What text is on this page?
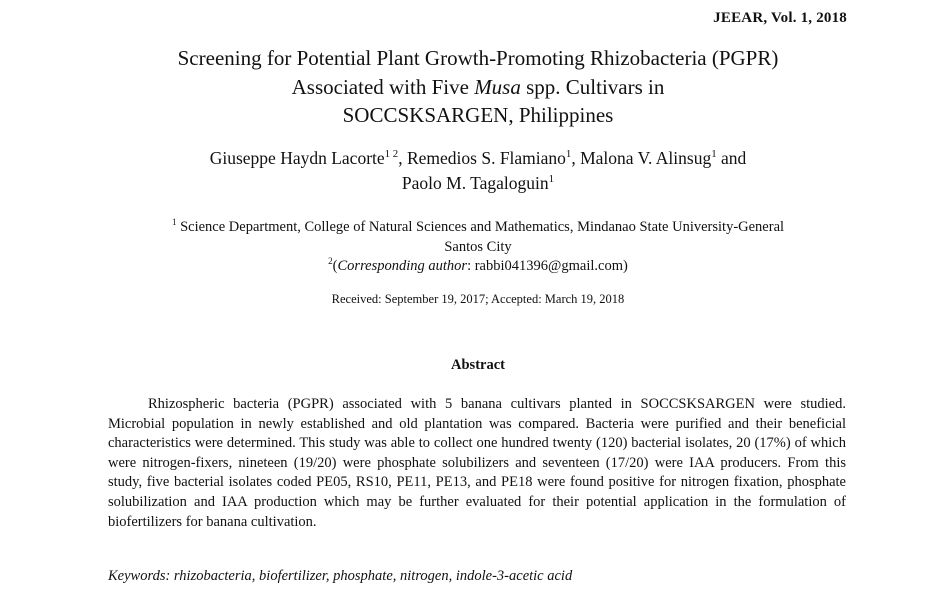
JEEAR, Vol. 1, 2018
Screening for Potential Plant Growth-Promoting Rhizobacteria (PGPR)
Associated with Five Musa spp. Cultivars in
SOCCSKSARGEN, Philippines
Giuseppe Haydn Lacorte$^{1 2}$, Remedios S. Flamiano$^1$, Malona V. Alinsug$^1$ and
Paolo M. Tagaloguin$^1$
$^1$ Science Department, College of Natural Sciences and Mathematics, Mindanao State University-General
Santos City
$^2$(Corresponding author: rabbi041396@gmail.com)
Received: September 19, 2017; Accepted: March 19, 2018
Abstract
Rhizospheric bacteria (PGPR) associated with 5 banana cultivars planted in SOCCSKSARGEN were studied. Microbial population in newly established and old plantation was compared. Bacteria were purified and their beneficial characteristics were determined. This study was able to collect one hundred twenty (120) bacterial isolates, 20 (17%) of which were nitrogen-fixers, nineteen (19/20) were phosphate solubilizers and seventeen (17/20) were IAA producers. From this study, five bacterial isolates coded PE05, RS10, PE11, PE13, and PE18 were found positive for nitrogen fixation, phosphate solubilization and IAA production which may be further evaluated for their potential application in the formulation of biofertilizers for banana cultivation.
Keywords: rhizobacteria, biofertilizer, phosphate, nitrogen, indole-3-acetic acid
